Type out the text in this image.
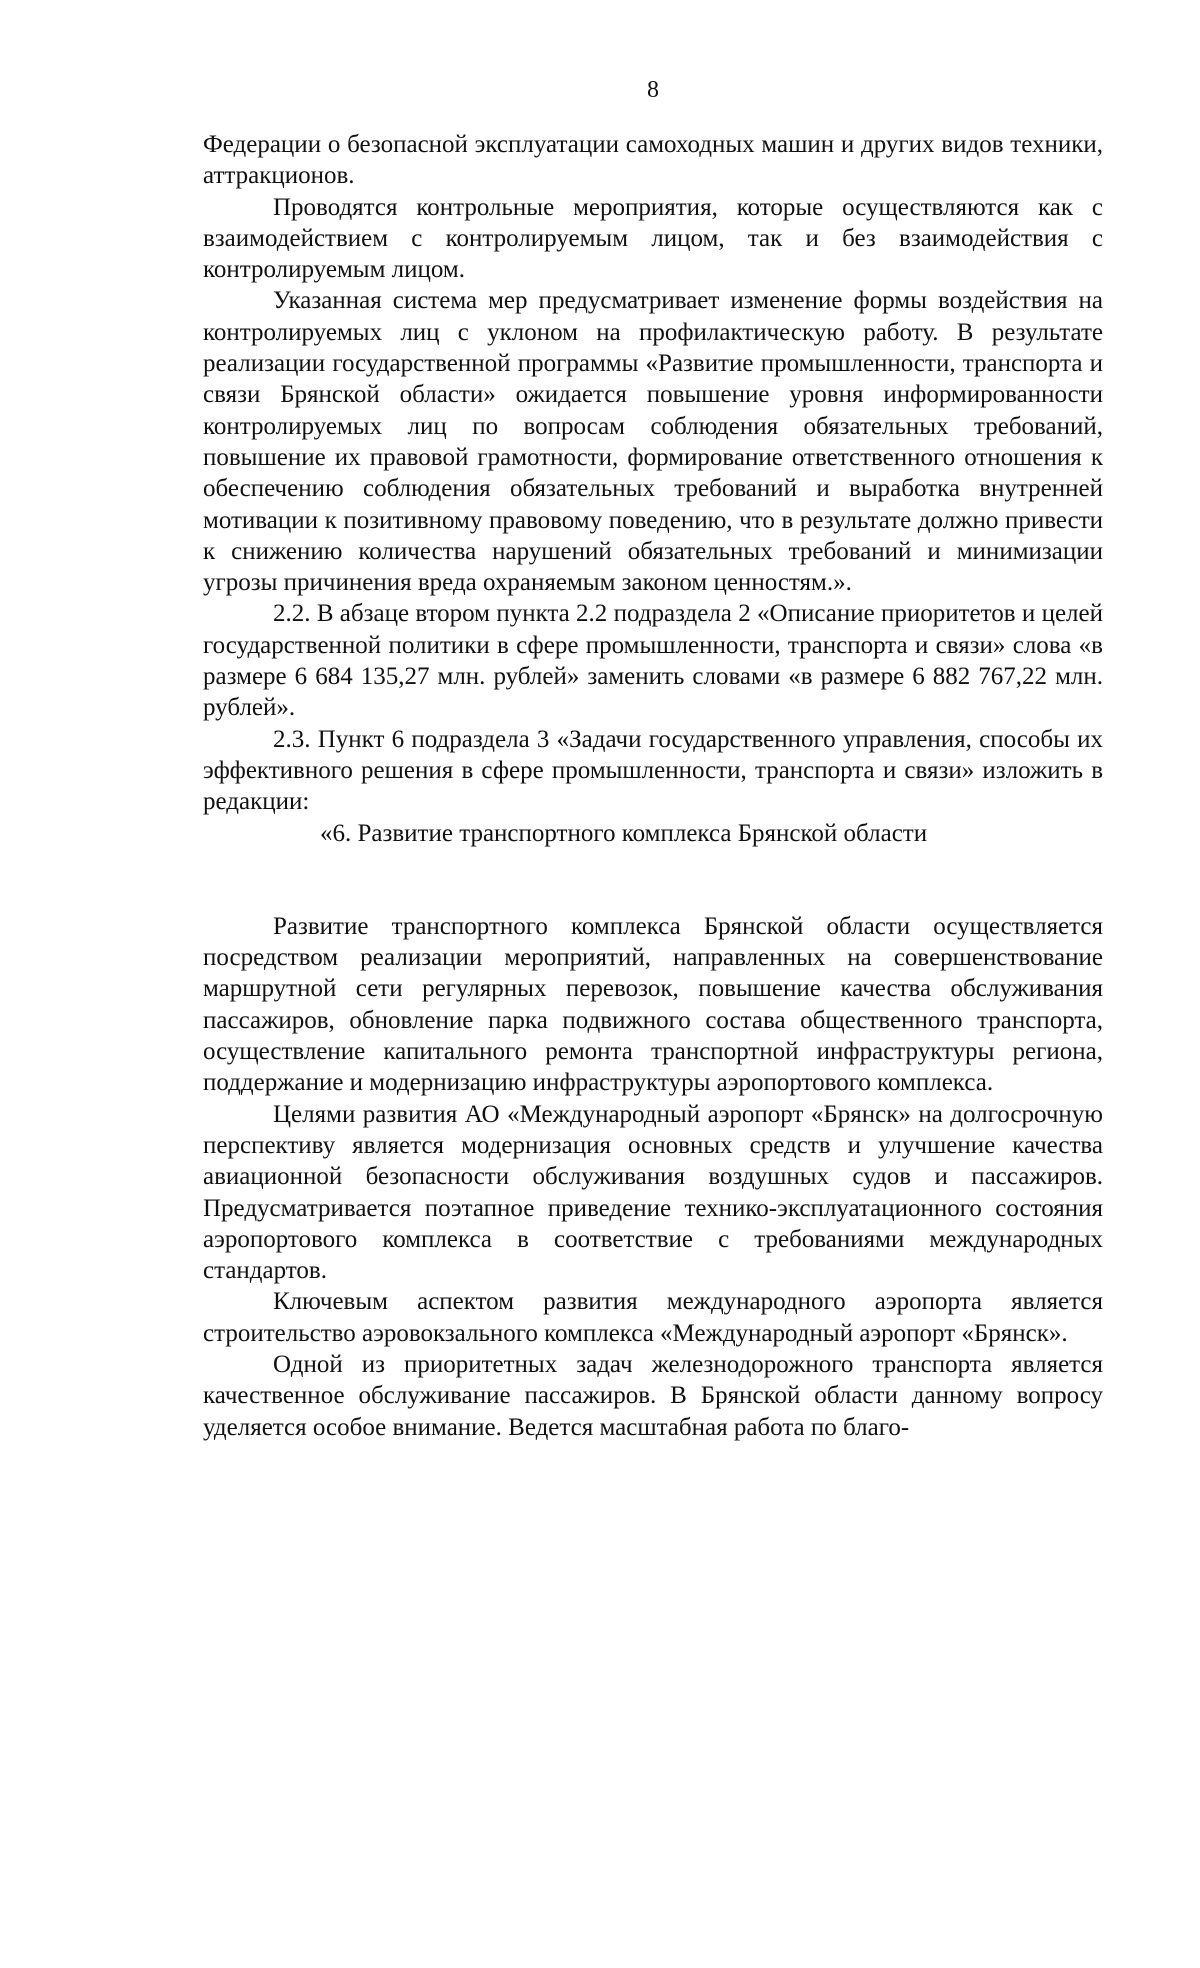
8

Федерации о безопасной эксплуатации самоходных машин и других видов техники, аттракционов.

Проводятся контрольные мероприятия, которые осуществляются как с взаимодействием с контролируемым лицом, так и без взаимодействия с контролируемым лицом.

Указанная система мер предусматривает изменение формы воздействия на контролируемых лиц с уклоном на профилактическую работу. В результате реализации государственной программы «Развитие промышленности, транспорта и связи Брянской области» ожидается повышение уровня информированности контролируемых лиц по вопросам соблюдения обязательных требований, повышение их правовой грамотности, формирование ответственного отношения к обеспечению соблюдения обязательных требований и выработка внутренней мотивации к позитивному правовому поведению, что в результате должно привести к снижению количества нарушений обязательных требований и минимизации угрозы причинения вреда охраняемым законом ценностям.».

2.2. В абзаце втором пункта 2.2 подраздела 2 «Описание приоритетов и целей государственной политики в сфере промышленности, транспорта и связи» слова «в размере 6 684 135,27 млн. рублей» заменить словами «в размере 6 882 767,22 млн. рублей».

2.3. Пункт 6 подраздела 3 «Задачи государственного управления, способы их эффективного решения в сфере промышленности, транспорта и связи» изложить в редакции:

«6. Развитие транспортного комплекса Брянской области

Развитие транспортного комплекса Брянской области осуществляется посредством реализации мероприятий, направленных на совершенствование маршрутной сети регулярных перевозок, повышение качества обслуживания пассажиров, обновление парка подвижного состава общественного транспорта, осуществление капитального ремонта транспортной инфраструктуры региона, поддержание и модернизацию инфраструктуры аэропортового комплекса.

Целями развития АО «Международный аэропорт «Брянск» на долгосрочную перспективу является модернизация основных средств и улучшение качества авиационной безопасности обслуживания воздушных судов и пассажиров. Предусматривается поэтапное приведение технико-эксплуатационного состояния аэропортового комплекса в соответствие с требованиями международных стандартов.

Ключевым аспектом развития международного аэропорта является строительство аэровокзального комплекса «Международный аэропорт «Брянск».

Одной из приоритетных задач железнодорожного транспорта является качественное обслуживание пассажиров. В Брянской области данному вопросу уделяется особое внимание. Ведется масштабная работа по благо-
